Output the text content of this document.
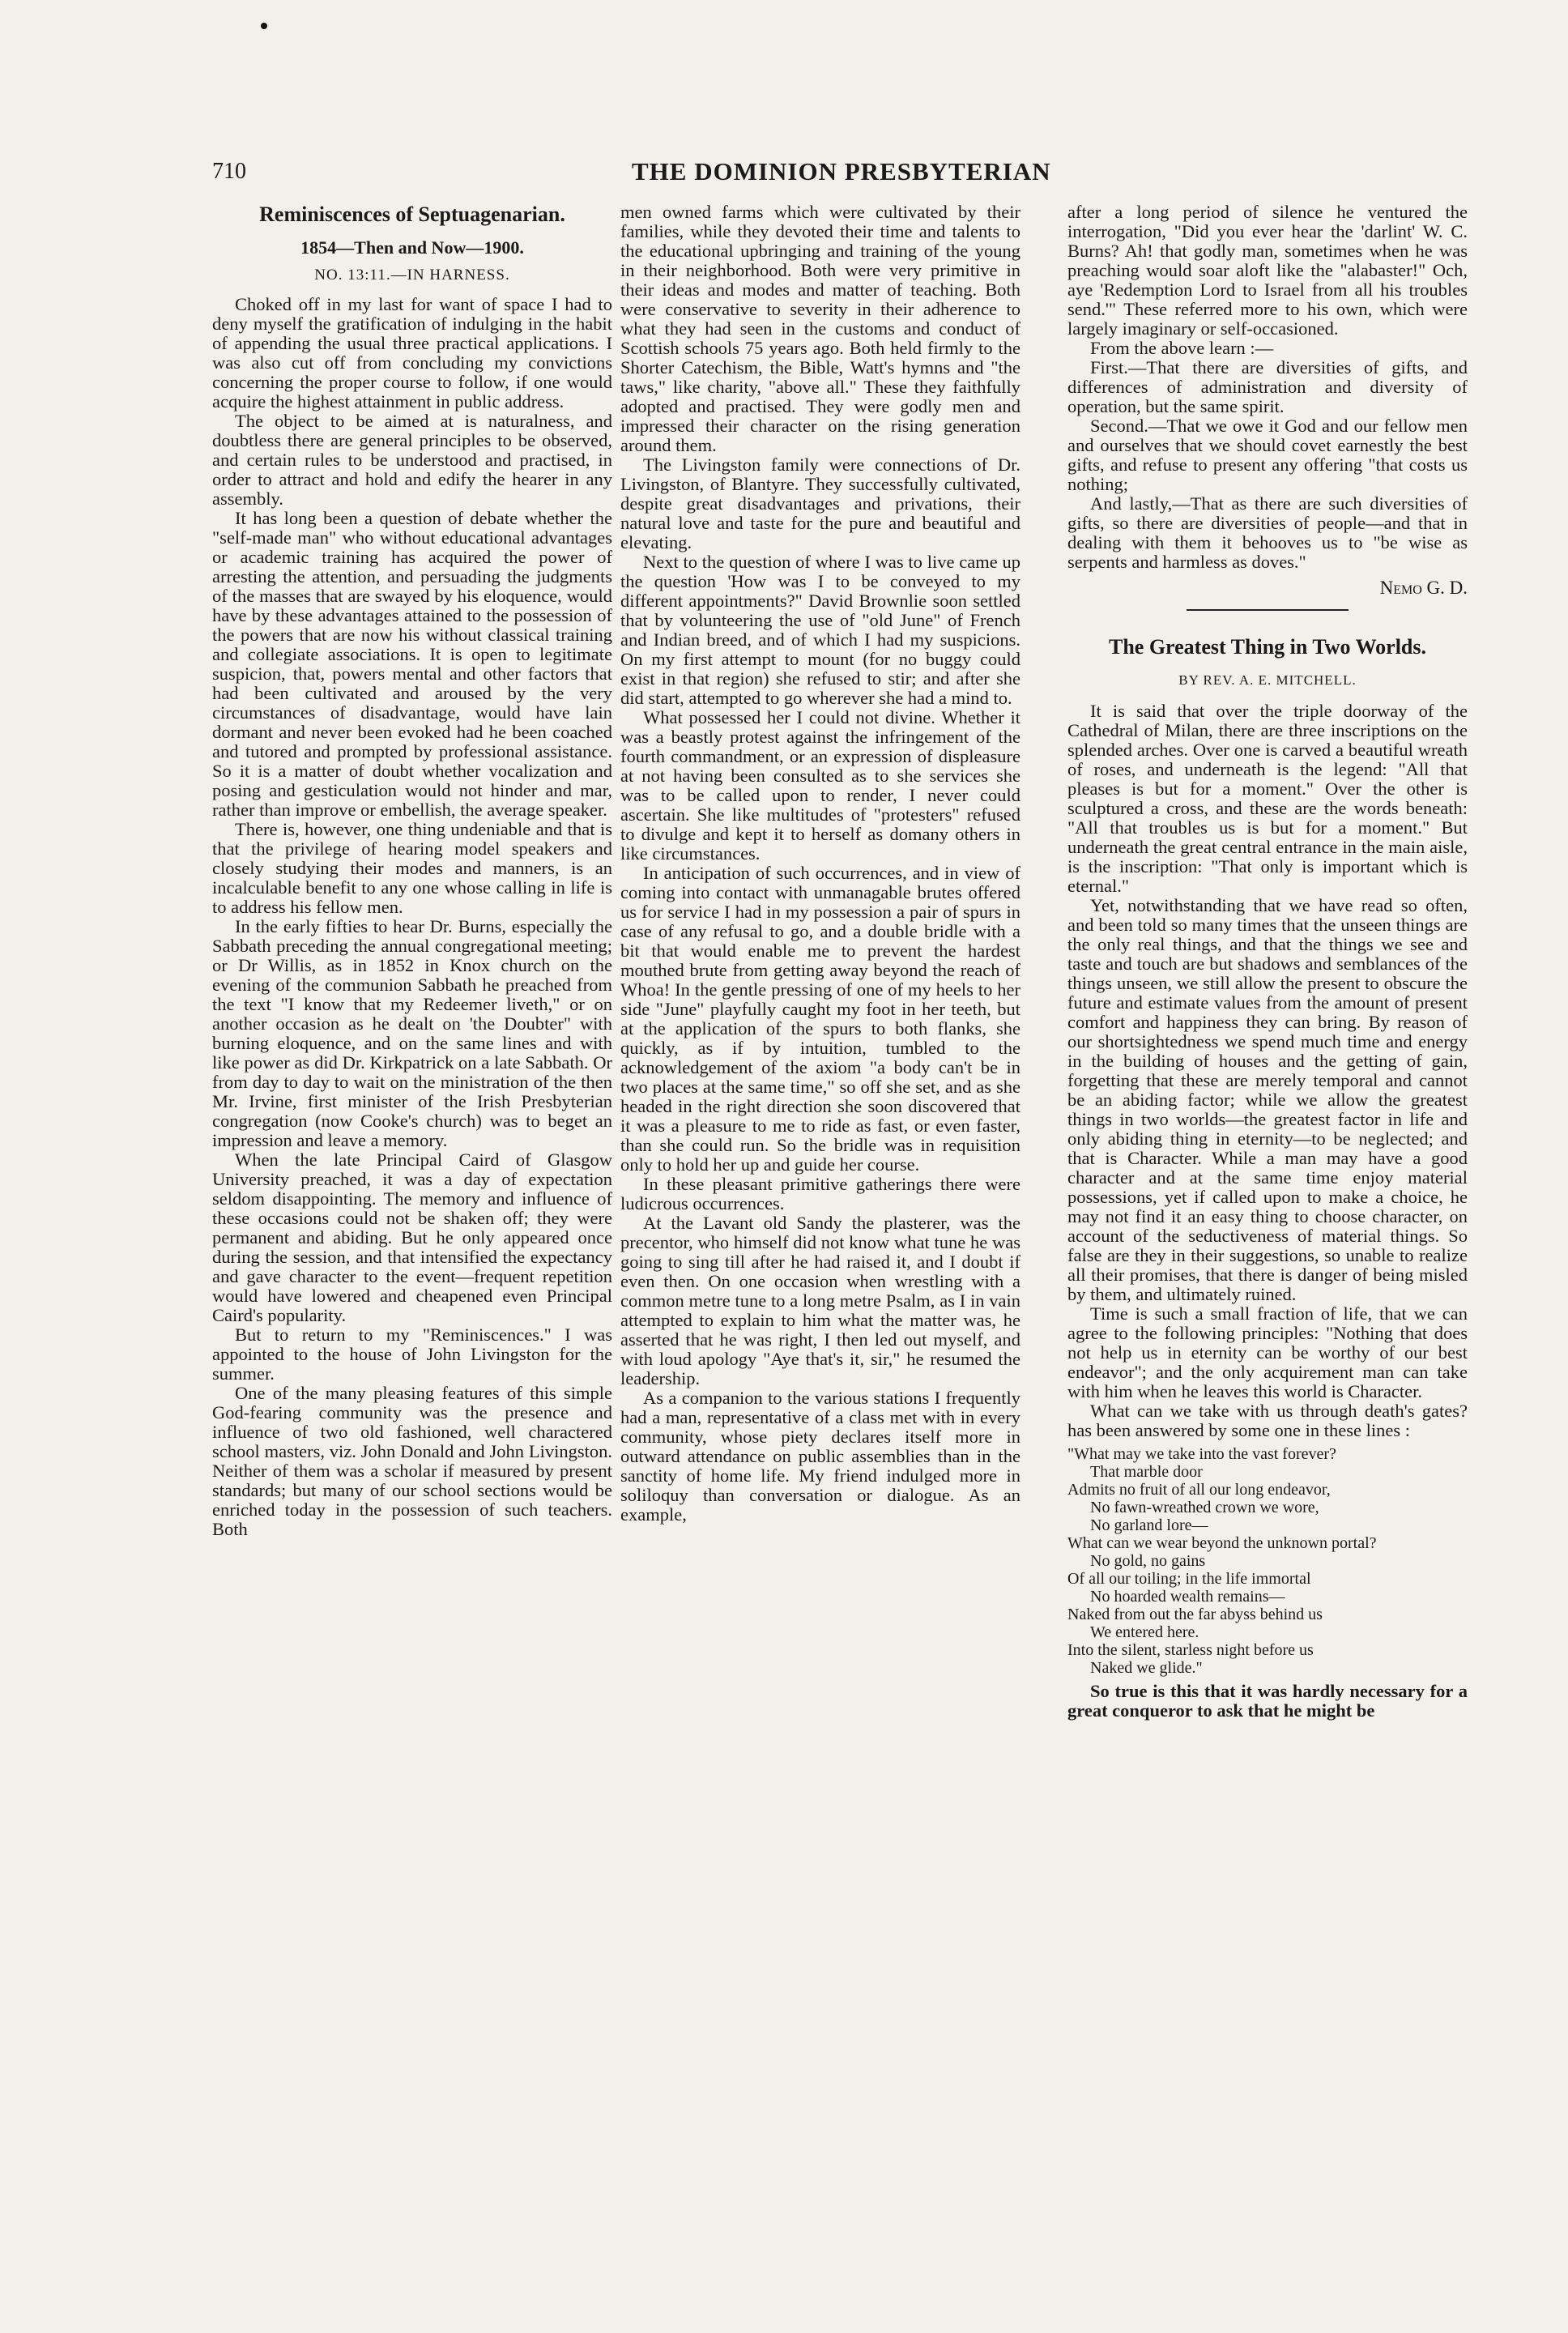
710	THE DOMINION PRESBYTERIAN
Reminiscences of Septuagenarian.
1854—Then and Now—1900.
NO. 13:11.—IN HARNESS.

Choked off in my last for want of space I had to deny myself the gratification of indulging in the habit of appending the usual three practical applications. I was also cut off from concluding my convictions concerning the proper course to follow, if one would acquire the highest attainment in public address.

The object to be aimed at is naturalness, and doubtless there are general principles to be observed, and certain rules to be understood and practised, in order to attract and hold and edify the hearer in any assembly.

It has long been a question of debate whether the "self-made man" who without educational advantages or academic training has acquired the power of arresting the attention, and persuading the judgments of the masses that are swayed by his eloquence, would have by these advantages attained to the possession of the powers that are now his without classical training and collegiate associations. It is open to legitimate suspicion, that, powers mental and other factors that had been cultivated and aroused by the very circumstances of disadvantage, would have lain dormant and never been evoked had he been coached and tutored and prompted by professional assistance. So it is a matter of doubt whether vocalization and posing and gesticulation would not hinder and mar, rather than improve or embellish, the average speaker.

There is, however, one thing undeniable and that is that the privilege of hearing model speakers and closely studying their modes and manners, is an incalculable benefit to any one whose calling in life is to address his fellow men.

In the early fifties to hear Dr. Burns, especially the Sabbath preceding the annual congregational meeting; or Dr Willis, as in 1852 in Knox church on the evening of the communion Sabbath he preached from the text "I know that my Redeemer liveth," or on another occasion as he dealt on 'the Doubter" with burning eloquence, and on the same lines and with like power as did Dr. Kirkpatrick on a late Sabbath. Or from day to day to wait on the ministration of the then Mr. Irvine, first minister of the Irish Presbyterian congregation (now Cooke's church) was to beget an impression and leave a memory.

When the late Principal Caird of Glasgow University preached, it was a day of expectation seldom disappointing. The memory and influence of these occasions could not be shaken off; they were permanent and abiding. But he only appeared once during the session, and that intensified the expectancy and gave character to the event—frequent repetition would have lowered and cheapened even Principal Caird's popularity.

But to return to my "Reminiscences." I was appointed to the house of John Livingston for the summer.

One of the many pleasing features of this simple God-fearing community was the presence and influence of two old fashioned, well charactered school masters, viz. John Donald and John Livingston. Neither of them was a scholar if measured by present standards; but many of our school sections would be enriched today in the possession of such teachers. Both

men owned farms which were cultivated by their families, while they devoted their time and talents to the educational upbringing and training of the young in their neighborhood. Both were very primitive in their ideas and modes and matter of teaching. Both were conservative to severity in their adherence to what they had seen in the customs and conduct of Scottish schools 75 years ago. Both held firmly to the Shorter Catechism, the Bible, Watt's hymns and "the taws," like charity, "above all." These they faithfully adopted and practised. They were godly men and impressed their character on the rising generation around them.

The Livingston family were connections of Dr. Livingston, of Blantyre. They successfully cultivated, despite great disadvantages and privations, their natural love and taste for the pure and beautiful and elevating.

Next to the question of where I was to live came up the question 'How was I to be conveyed to my different appointments?" David Brownlie soon settled that by volunteering the use of "old June" of French and Indian breed, and of which I had my suspicions. On my first attempt to mount (for no buggy could exist in that region) she refused to stir; and after she did start, attempted to go wherever she had a mind to.

What possessed her I could not divine. Whether it was a beastly protest against the infringement of the fourth commandment, or an expression of displeasure at not having been consulted as to she services she was to be called upon to render, I never could ascertain. She like multitudes of "protesters" refused to divulge and kept it to herself as domany others in like circumstances.

In anticipation of such occurrences, and in view of coming into contact with unmanagable brutes offered us for service I had in my possession a pair of spurs in case of any refusal to go, and a double bridle with a bit that would enable me to prevent the hardest mouthed brute from getting away beyond the reach of Whoa! In the gentle pressing of one of my heels to her side "June" playfully caught my foot in her teeth, but at the application of the spurs to both flanks, she quickly, as if by intuition, tumbled to the acknowledgement of the axiom "a body can't be in two places at the same time," so off she set, and as she headed in the right direction she soon discovered that it was a pleasure to me to ride as fast, or even faster, than she could run. So the bridle was in requisition only to hold her up and guide her course.

In these pleasant primitive gatherings there were ludicrous occurrences.

At the Lavant old Sandy the plasterer, was the precentor, who himself did not know what tune he was going to sing till after he had raised it, and I doubt if even then. On one occasion when wrestling with a common metre tune to a long metre Psalm, as I in vain attempted to explain to him what the matter was, he asserted that he was right, I then led out myself, and with loud apology "Aye that's it, sir," he resumed the leadership.

As a companion to the various stations I frequently had a man, representative of a class met with in every community, whose piety declares itself more in outward attendance on public assemblies than in the sanctity of home life. My friend indulged more in soliloquy than conversation or dialogue. As an example,

after a long period of silence he ventured the interrogation, "Did you ever hear the 'darlint' W. C. Burns? Ah! that godly man, sometimes when he was preaching would soar aloft like the "alabaster!" Och, aye 'Redemption Lord to Israel from all his troubles send.'" These referred more to his own, which were largely imaginary or self-occasioned.

From the above learn :—

First.—That there are diversities of gifts, and differences of administration and diversity of operation, but the same spirit.

Second.—That we owe it God and our fellow men and ourselves that we should covet earnestly the best gifts, and refuse to present any offering "that costs us nothing;

And lastly,—That as there are such diversities of gifts, so there are diversities of people—and that in dealing with them it behooves us to "be wise as serpents and harmless as doves."

Nemo G. D.
The Greatest Thing in Two Worlds.
BY REV. A. E. MITCHELL.

It is said that over the triple doorway of the Cathedral of Milan, there are three inscriptions on the splended arches. Over one is carved a beautiful wreath of roses, and underneath is the legend: "All that pleases is but for a moment." Over the other is sculptured a cross, and these are the words beneath: "All that troubles us is but for a moment." But underneath the great central entrance in the main aisle, is the inscription: "That only is important which is eternal."

Yet, notwithstanding that we have read so often, and been told so many times that the unseen things are the only real things, and that the things we see and taste and touch are but shadows and semblances of the things unseen, we still allow the present to obscure the future and estimate values from the amount of present comfort and happiness they can bring. By reason of our shortsightedness we spend much time and energy in the building of houses and the getting of gain, forgetting that these are merely temporal and cannot be an abiding factor; while we allow the greatest things in two worlds—the greatest factor in life and only abiding thing in eternity—to be neglected; and that is Character. While a man may have a good character and at the same time enjoy material possessions, yet if called upon to make a choice, he may not find it an easy thing to choose character, on account of the seductiveness of material things. So false are they in their suggestions, so unable to realize all their promises, that there is danger of being misled by them, and ultimately ruined.

Time is such a small fraction of life, that we can agree to the following principles: "Nothing that does not help us in eternity can be worthy of our best endeavor"; and the only acquirement man can take with him when he leaves this world is Character.

What can we take with us through death's gates? has been answered by some one in these lines :

"What may we take into the vast forever?
That marble door
Admits no fruit of all our long endeavor,
No fawn-wreathed crown we wore,
No garland lore—
What can we wear beyond the unknown portal?
No gold, no gains
Of all our toiling; in the life immortal
No hoarded wealth remains—
Naked from out the far abyss behind us
We entered here.
Into the silent, starless night before us
Naked we glide."

So true is this that it was hardly necessary for a great conqueror to ask that he might be
